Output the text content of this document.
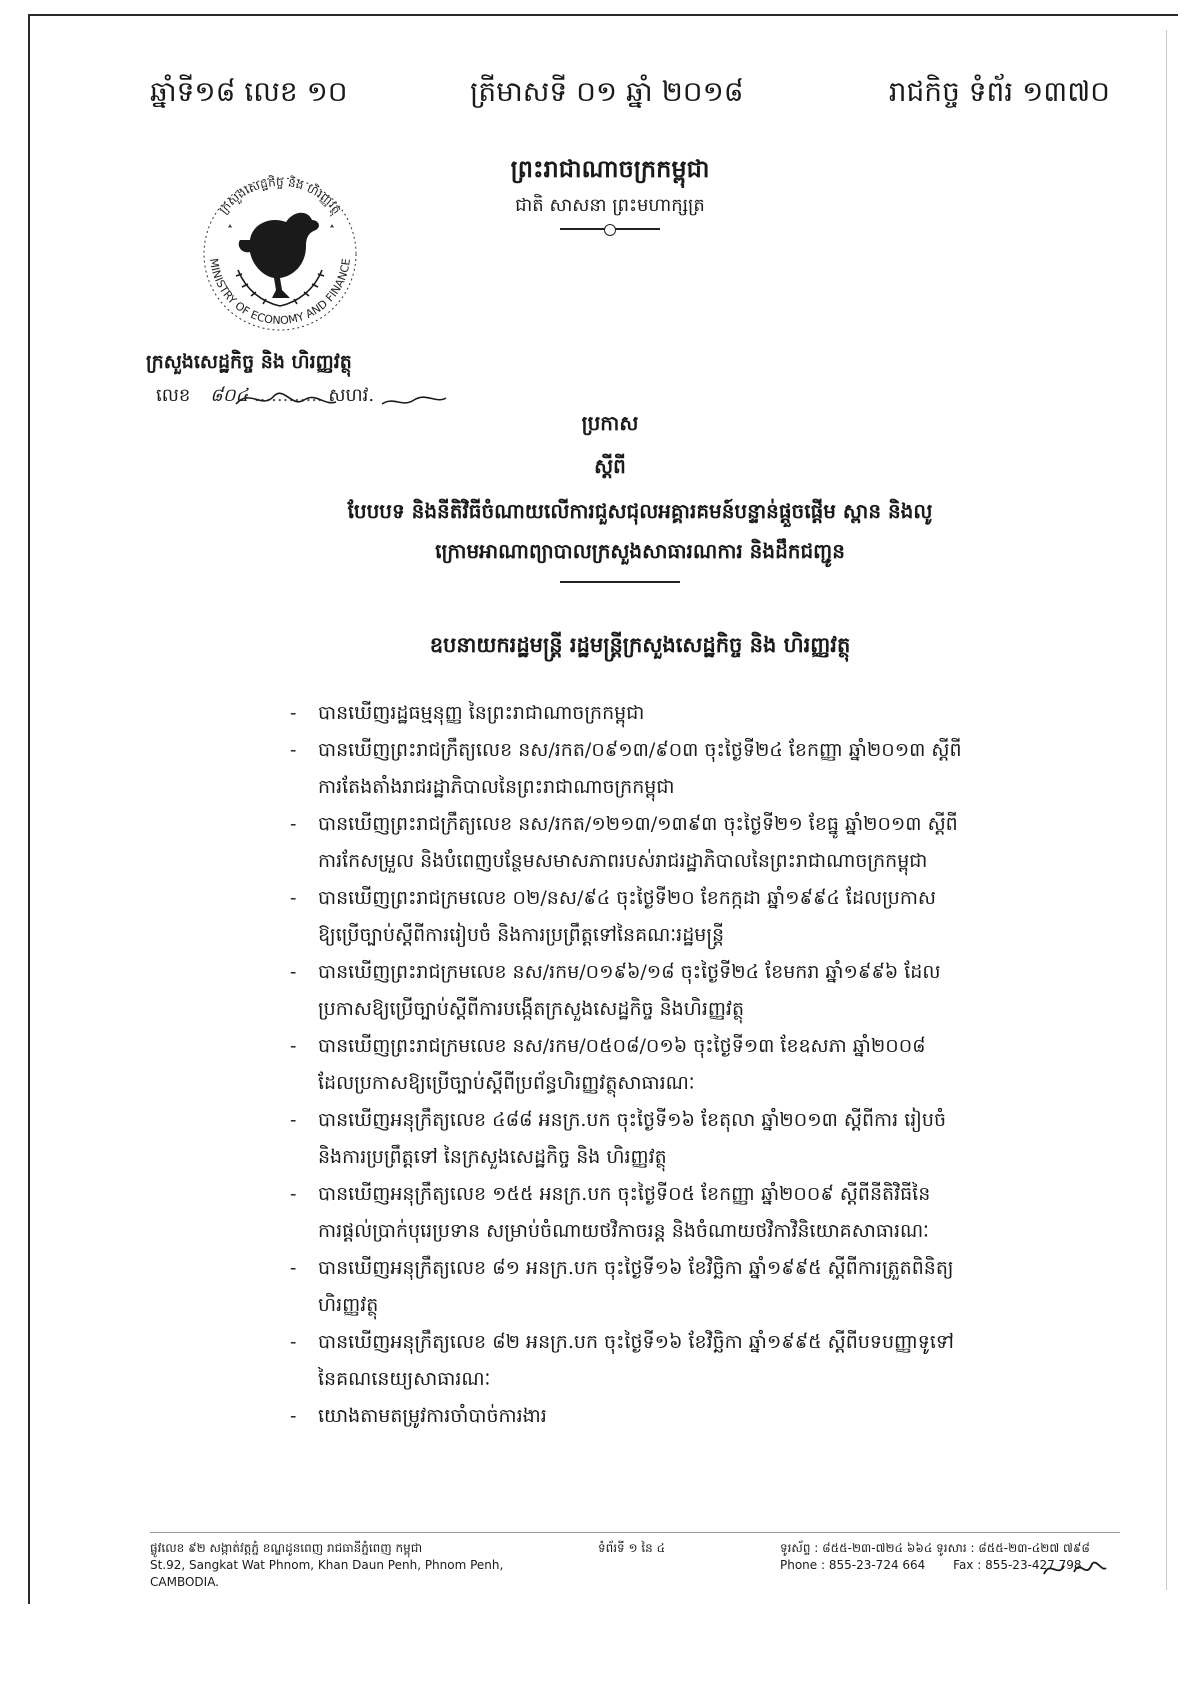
ឆ្នាំទី១៨ លេខ ១០	ត្រីមាសទី ០១ ឆ្នាំ ២០១៨	រាជកិច្ច ទំព័រ ១៣៧០
ព្រះរាជាណាចក្រកម្ពុជា
ជាតិ សាសនា ព្រះមហាក្សត្រ
MINISTRY OF ECONOMY AND FINANCE
ក្រសួងសេដ្ឋកិច្ច និង ហិរញ្ញវត្ថុ
ក្រសួងសេដ្ឋកិច្ច និង ហិរញ្ញវត្ថុ
លេខ ៨០៤ ............ សហវ.
ប្រកាស
ស្តីពី
បែបបទ និងនីតិវិធីចំណាយលើការជួសជុលអគ្គារគមន៍បន្ទាន់ផ្តួចផ្តើម ស្ពាន និងលូ
ក្រោមអាណាព្យាបាលក្រសួងសាធារណការ និងដឹកជញ្ជូន
ឧបនាយករដ្ឋមន្ត្រី រដ្ឋមន្ត្រីក្រសួងសេដ្ឋកិច្ច និង ហិរញ្ញវត្ថុ
- បានឃើញរដ្ឋធម្មនុញ្ញ នៃព្រះរាជាណាចក្រកម្ពុជា
- បានឃើញព្រះរាជក្រឹត្យលេខ នស/រកត/០៩១៣/៩០៣ ចុះថ្ងៃទី២៤ ខែកញ្ញា ឆ្នាំ២០១៣ ស្តីពី
ការតែងតាំងរាជរដ្ឋាភិបាលនៃព្រះរាជាណាចក្រកម្ពុជា
- បានឃើញព្រះរាជក្រឹត្យលេខ នស/រកត/១២១៣/១៣៩៣ ចុះថ្ងៃទី២១ ខែធ្នូ ឆ្នាំ២០១៣ ស្តីពី
ការកែសម្រួល និងបំពេញបន្ថែមសមាសភាពរបស់រាជរដ្ឋាភិបាលនៃព្រះរាជាណាចក្រកម្ពុជា
- បានឃើញព្រះរាជក្រមលេខ ០២/នស/៩៤ ចុះថ្ងៃទី២០ ខែកក្កដា ឆ្នាំ១៩៩៤ ដែលប្រកាស
ឱ្យប្រើច្បាប់ស្តីពីការរៀបចំ និងការប្រព្រឹត្តទៅនៃគណៈរដ្ឋមន្ត្រី
- បានឃើញព្រះរាជក្រមលេខ នស/រកម/០១៩៦/១៨ ចុះថ្ងៃទី២៤ ខែមករា ឆ្នាំ១៩៩៦ ដែល
ប្រកាសឱ្យប្រើច្បាប់ស្តីពីការបង្កើតក្រសួងសេដ្ឋកិច្ច និងហិរញ្ញវត្ថុ
- បានឃើញព្រះរាជក្រមលេខ នស/រកម/០៥០៨/០១៦ ចុះថ្ងៃទី១៣ ខែឧសភា ឆ្នាំ២០០៨
ដែលប្រកាសឱ្យប្រើច្បាប់ស្តីពីប្រព័ន្ធហិរញ្ញវត្ថុសាធារណៈ
- បានឃើញអនុក្រឹត្យលេខ ៤៨៨ អនក្រ.បក ចុះថ្ងៃទី១៦ ខែតុលា ឆ្នាំ២០១៣ ស្តីពីការ រៀបចំ
និងការប្រព្រឹត្តទៅ នៃក្រសួងសេដ្ឋកិច្ច និង ហិរញ្ញវត្ថុ
- បានឃើញអនុក្រឹត្យលេខ ១៥៥ អនក្រ.បក ចុះថ្ងៃទី០៥ ខែកញ្ញា ឆ្នាំ២០០៩ ស្តីពីនីតិវិធីនៃ
ការផ្តល់ប្រាក់បុរេប្រទាន សម្រាប់ចំណាយថវិកាចរន្ត និងចំណាយថវិកាវិនិយោគសាធារណៈ
- បានឃើញអនុក្រឹត្យលេខ ៨១ អនក្រ.បក ចុះថ្ងៃទី១៦ ខែវិច្ឆិកា ឆ្នាំ១៩៩៥ ស្តីពីការត្រួតពិនិត្យ
ហិរញ្ញវត្ថុ
- បានឃើញអនុក្រឹត្យលេខ ៨២ អនក្រ.បក ចុះថ្ងៃទី១៦ ខែវិច្ឆិកា ឆ្នាំ១៩៩៥ ស្តីពីបទបញ្ញាទូទៅ
នៃគណនេយ្យសាធារណៈ
- យោងតាមតម្រូវការចាំបាច់ការងារ
ផ្លូវលេខ ៩២ សង្កាត់វត្តភ្នំ ខណ្ឌដូនពេញ រាជធានីភ្នំពេញ កម្ពុជា
St.92, Sangkat Wat Phnom, Khan Daun Penh, Phnom Penh, CAMBODIA.
ទំព័រទី ១ នៃ ៤	ទូរស័ព្ទ : ៨៥៥-២៣-៧២៤ ៦៦៤ ទូរសារ : ៨៥៥-២៣-៤២៧ ៧៩៨
Phone : 855-23-724 664 Fax : 855-23-427 798
